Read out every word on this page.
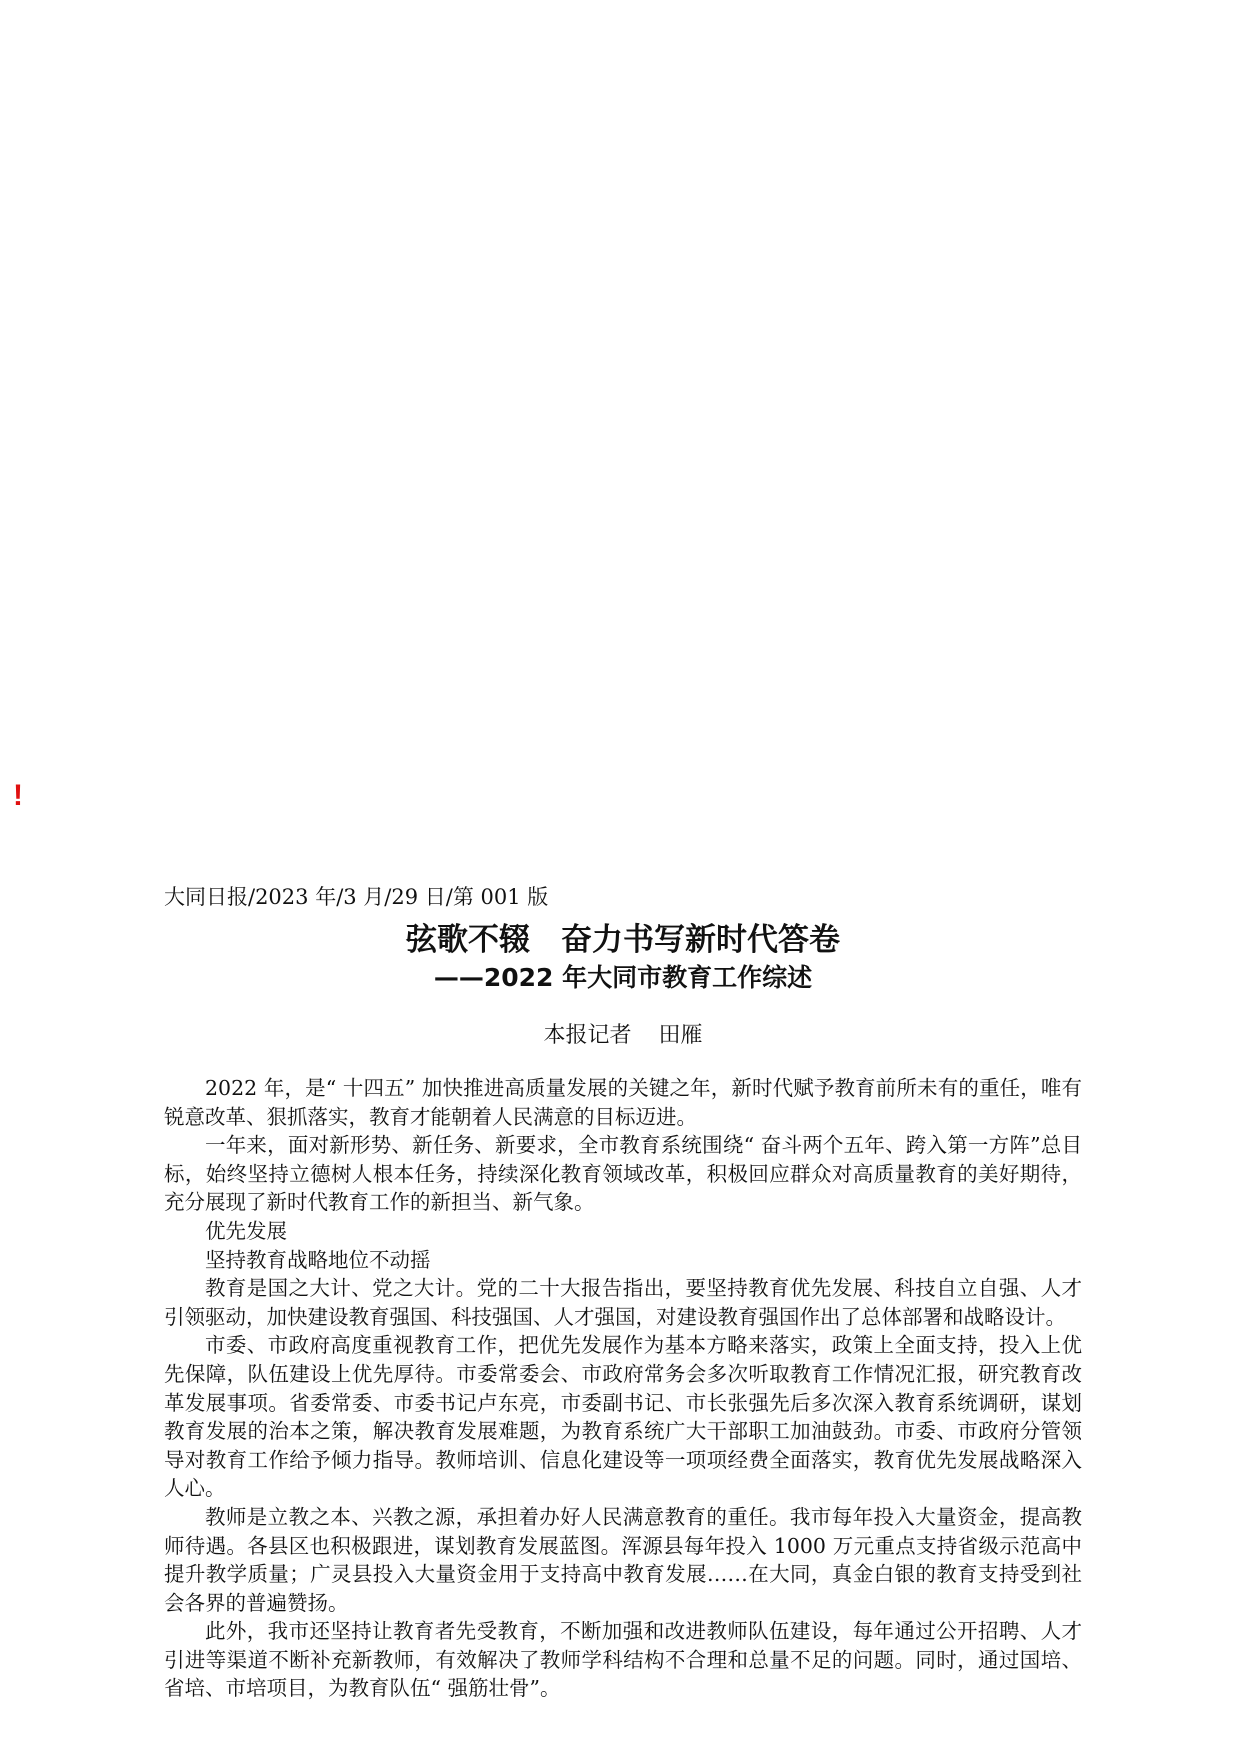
!

大同日报/2023 年/3 月/29 日/第 001 版

弦歌不辍　奋力书写新时代答卷
——2022 年大同市教育工作综述
本报记者 田雁

2022 年，是“ 十四五” 加快推进高质量发展的关键之年，新时代赋予教育前所未有的重任，唯有锐意改革、狠抓落实，教育才能朝着人民满意的目标迈进。

一年来，面对新形势、新任务、新要求，全市教育系统围绕“ 奋斗两个五年、跨入第一方阵”总目标，始终坚持立德树人根本任务，持续深化教育领域改革，积极回应群众对高质量教育的美好期待，充分展现了新时代教育工作的新担当、新气象。

优先发展

坚持教育战略地位不动摇

教育是国之大计、党之大计。党的二十大报告指出，要坚持教育优先发展、科技自立自强、人才引领驱动，加快建设教育强国、科技强国、人才强国，对建设教育强国作出了总体部署和战略设计。

市委、市政府高度重视教育工作，把优先发展作为基本方略来落实，政策上全面支持，投入上优先保障，队伍建设上优先厚待。市委常委会、市政府常务会多次听取教育工作情况汇报，研究教育改革发展事项。省委常委、市委书记卢东亮，市委副书记、市长张强先后多次深入教育系统调研，谋划教育发展的治本之策，解决教育发展难题，为教育系统广大干部职工加油鼓劲。市委、市政府分管领导对教育工作给予倾力指导。教师培训、信息化建设等一项项经费全面落实，教育优先发展战略深入人心。

教师是立教之本、兴教之源，承担着办好人民满意教育的重任。我市每年投入大量资金，提高教师待遇。各县区也积极跟进，谋划教育发展蓝图。浑源县每年投入 1000 万元重点支持省级示范高中提升教学质量；广灵县投入大量资金用于支持高中教育发展……在大同，真金白银的教育支持受到社会各界的普遍赞扬。

此外，我市还坚持让教育者先受教育，不断加强和改进教师队伍建设，每年通过公开招聘、人才引进等渠道不断补充新教师，有效解决了教师学科结构不合理和总量不足的问题。同时，通过国培、省培、市培项目，为教育队伍“ 强筋壮骨”。
